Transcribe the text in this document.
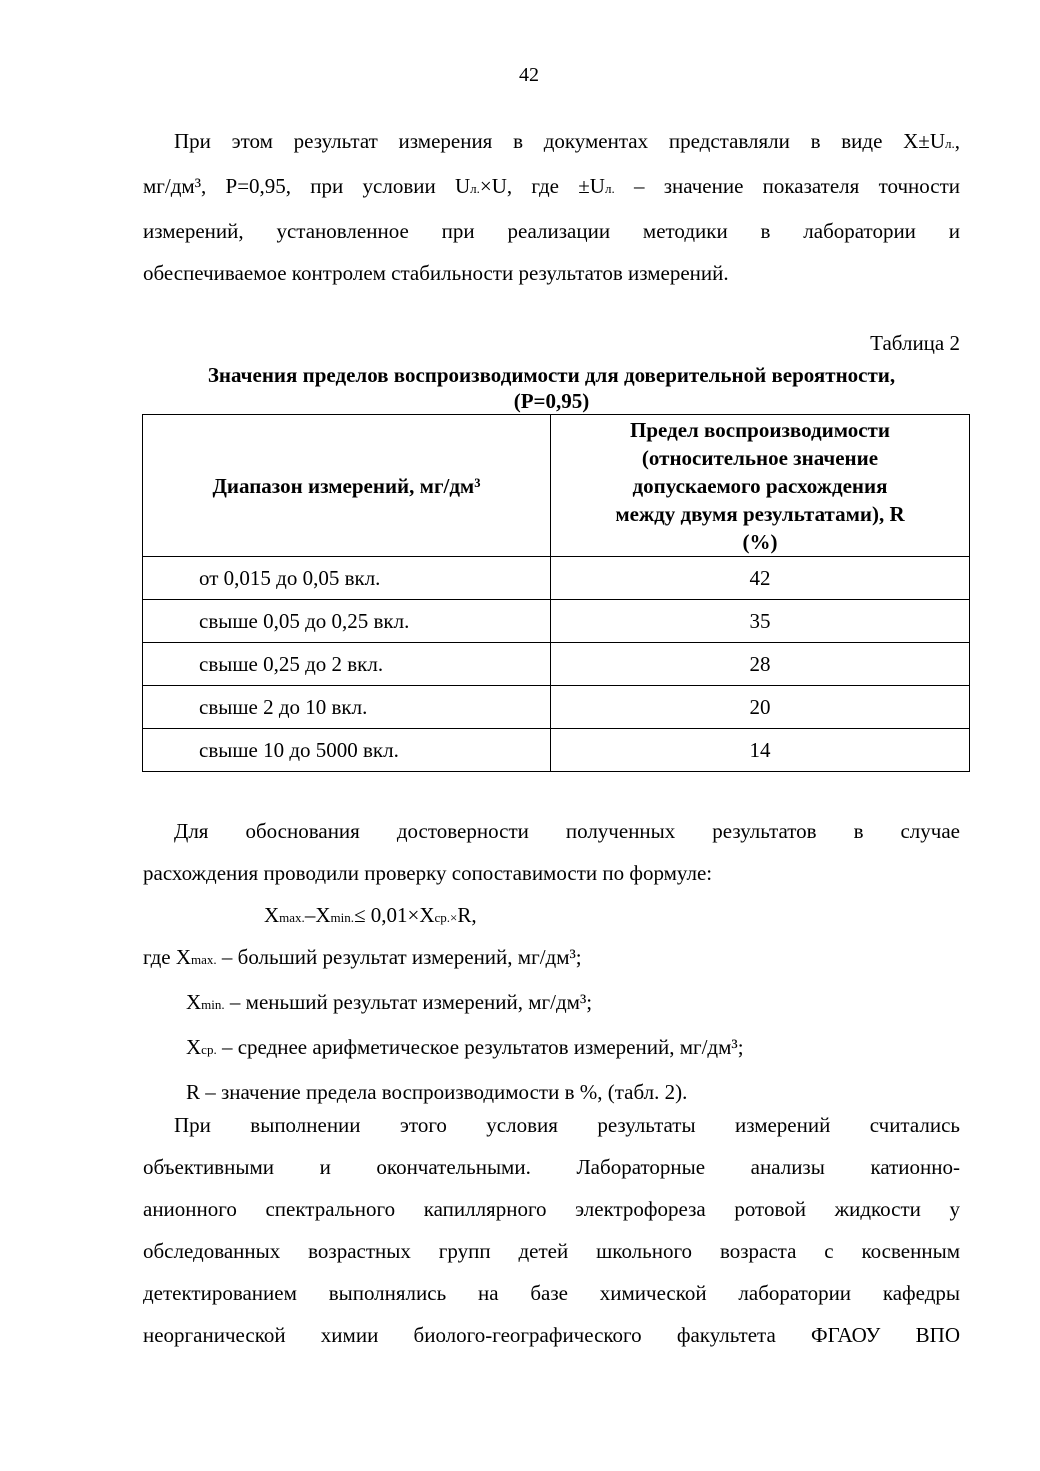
42
При этом результат измерения в документах представляли в виде X±Uл.,
мг/дм³, P=0,95, при условии Uл.×U, где ±Uл. – значение показателя точности
измерений, установленное при реализации методики в лаборатории и
обеспечиваемое контролем стабильности результатов измерений.
Таблица 2

Значения пределов воспроизводимости для доверительной вероятности,
(P=0,95)

Диапазон измерений, мг/дм³	Предел воспроизводимости
(относительное значение
допускаемого расхождения
между двумя результатами), R
(%)
от 0,015 до 0,05 вкл.	42
свыше 0,05 до 0,25 вкл.	35
свыше 0,25 до 2 вкл.	28
свыше 2 до 10 вкл.	20
свыше 10 до 5000 вкл.	14
Для обоснования достоверности полученных результатов в случае
расхождения проводили проверку сопоставимости по формуле:
Xmax.–Xmin.≤ 0,01×Xср.×R,
где Xmax. – больший результат измерений, мг/дм³;
Xmin. – меньший результат измерений, мг/дм³;
Xср. – среднее арифметическое результатов измерений, мг/дм³;
R – значение предела воспроизводимости в %, (табл. 2).
При выполнении этого условия результаты измерений считались
объективными и окончательными. Лабораторные анализы катионно-
анионного спектрального капиллярного электрофореза ротовой жидкости у
обследованных возрастных групп детей школьного возраста с косвенным
детектированием выполнялись на базе химической лаборатории кафедры
неорганической химии биолого-географического факультета ФГАОУ ВПО
